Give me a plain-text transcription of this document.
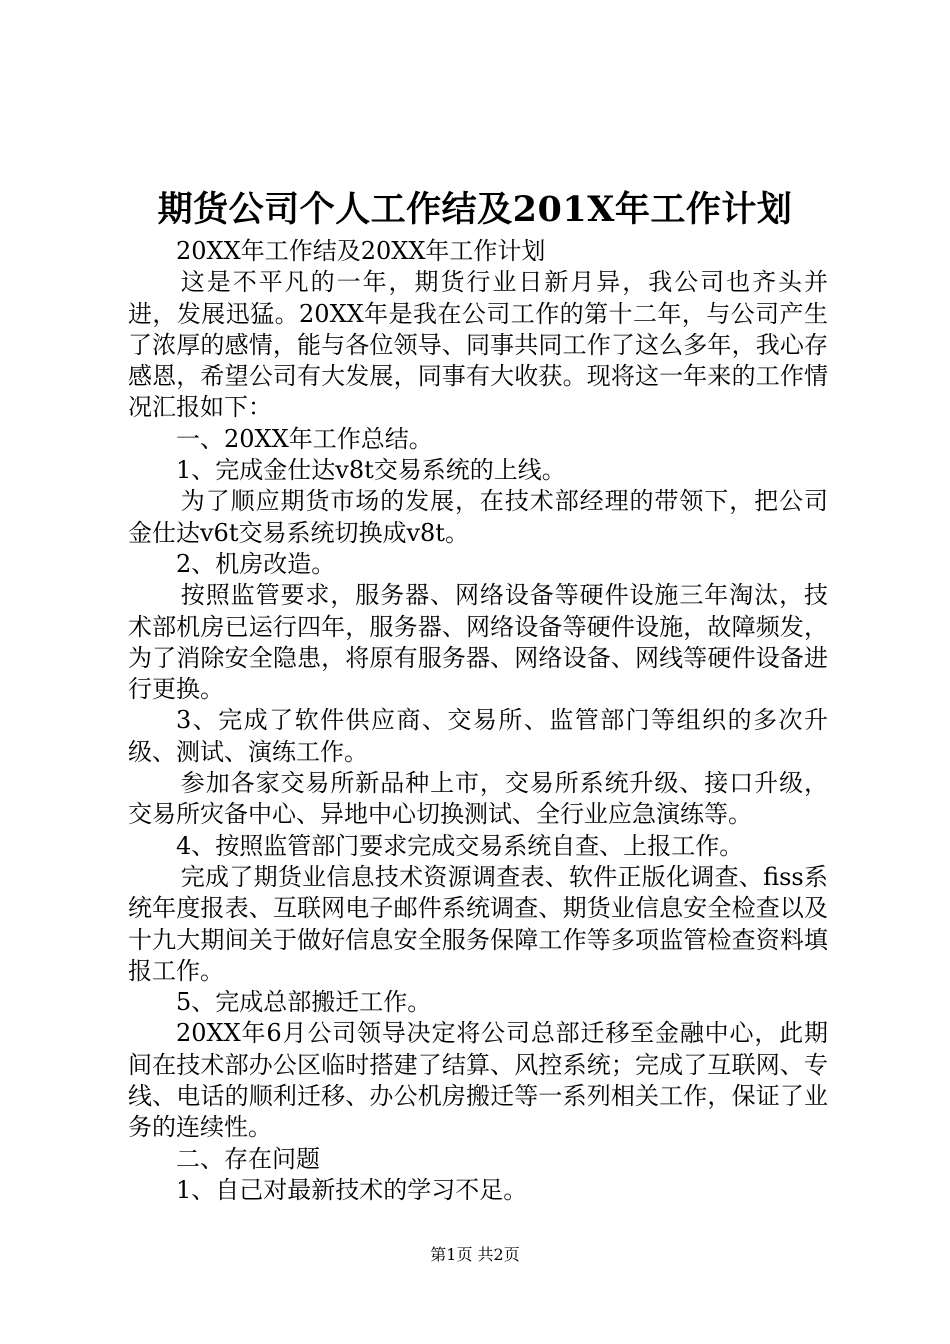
期货公司个人工作结及201X年工作计划

20XX年工作结及20XX年工作计划

这是不平凡的一年，期货行业日新月异，我公司也齐头并进，发展迅猛。20XX年是我在公司工作的第十二年，与公司产生了浓厚的感情，能与各位领导、同事共同工作了这么多年，我心存感恩，希望公司有大发展，同事有大收获。现将这一年来的工作情况汇报如下：

一、20XX年工作总结。

1、完成金仕达v8t交易系统的上线。

为了顺应期货市场的发展，在技术部经理的带领下，把公司金仕达v6t交易系统切换成v8t。

2、机房改造。

按照监管要求，服务器、网络设备等硬件设施三年淘汰，技术部机房已运行四年，服务器、网络设备等硬件设施，故障频发，为了消除安全隐患，将原有服务器、网络设备、网线等硬件设备进行更换。

3、完成了软件供应商、交易所、监管部门等组织的多次升级、测试、演练工作。

参加各家交易所新品种上市，交易所系统升级、接口升级，交易所灾备中心、异地中心切换测试、全行业应急演练等。

4、按照监管部门要求完成交易系统自查、上报工作。

完成了期货业信息技术资源调查表、软件正版化调查、fiss系统年度报表、互联网电子邮件系统调查、期货业信息安全检查以及十九大期间关于做好信息安全服务保障工作等多项监管检查资料填报工作。

5、完成总部搬迁工作。

20XX年6月公司领导决定将公司总部迁移至金融中心，此期间在技术部办公区临时搭建了结算、风控系统；完成了互联网、专线、电话的顺利迁移、办公机房搬迁等一系列相关工作，保证了业务的连续性。

二、存在问题

1、自己对最新技术的学习不足。

第1页 共2页
